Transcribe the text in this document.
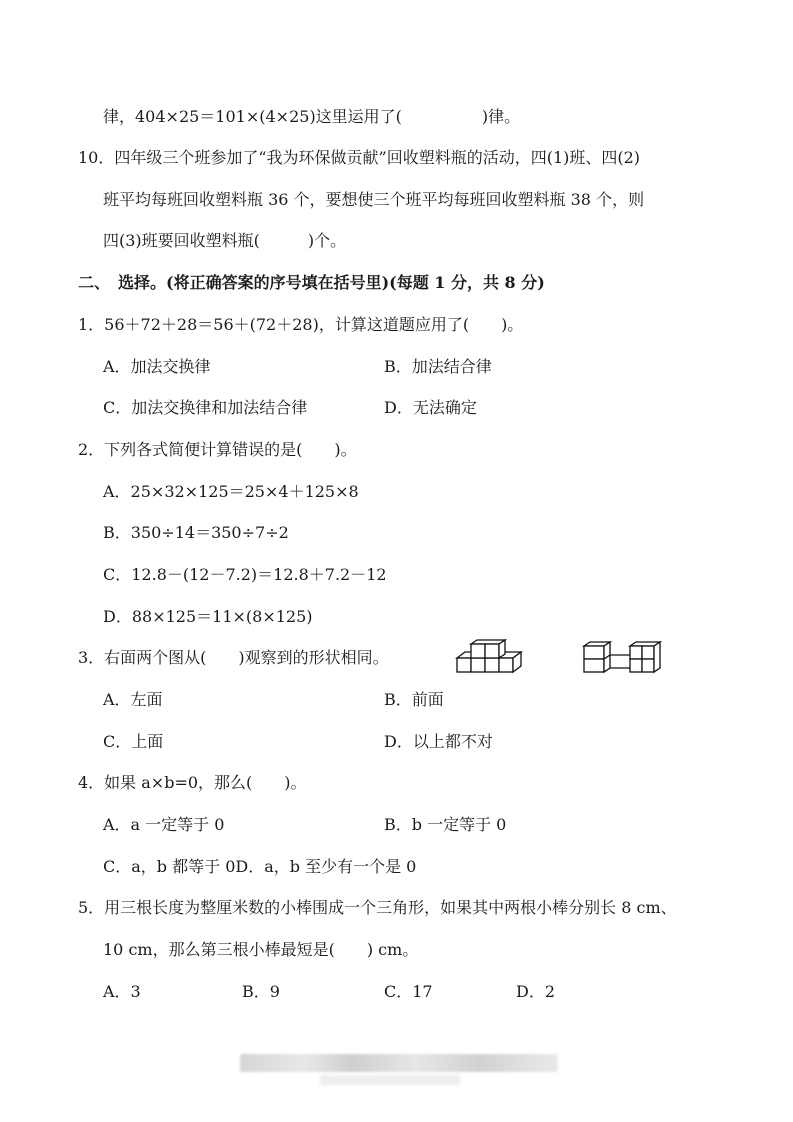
律，404×25＝101×(4×25)这里运用了(　　　　　)律。
10．四年级三个班参加了“我为环保做贡献”回收塑料瓶的活动，四(1)班、四(2)
班平均每班回收塑料瓶 36 个，要想使三个班平均每班回收塑料瓶 38 个，则
四(3)班要回收塑料瓶(　　　)个。
二、　选择。(将正确答案的序号填在括号里)(每题 1 分，共 8 分)
1．56＋72＋28＝56＋(72＋28)，计算这道题应用了(　　)。
A．加法交换律	B．加法结合律
C．加法交换律和加法结合律	D．无法确定
2．下列各式简便计算错误的是(　　)。
A．25×32×125＝25×4＋125×8
B．350÷14＝350÷7÷2
C．12.8－(12－7.2)＝12.8＋7.2－12
D．88×125＝11×(8×125)
3．右面两个图从(　　)观察到的形状相同。
A．左面	B．前面
C．上面	D．以上都不对
4．如果 a×b=0，那么(　　)。
A．a 一定等于 0	B．b 一定等于 0
C．a，b 都等于 0D．a，b 至少有一个是 0
5．用三根长度为整厘米数的小棒围成一个三角形，如果其中两根小棒分别长 8 cm、
10 cm，那么第三根小棒最短是(　　) cm。
A．3	B．9	C．17	D．2
